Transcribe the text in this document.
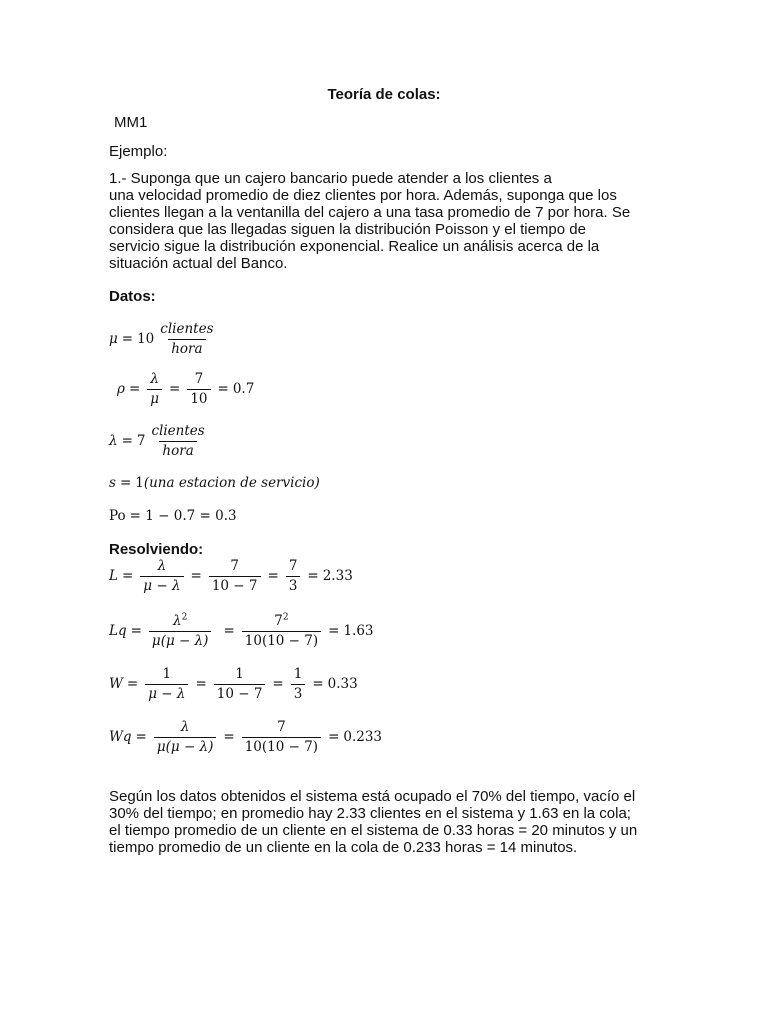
Teoría de colas:
MM1
Ejemplo:
1.- Suponga que un cajero bancario puede atender a los clientes a
una velocidad promedio de diez clientes por hora. Además, suponga que los
clientes llegan a la ventanilla del cajero a una tasa promedio de 7 por hora. Se
considera que las llegadas siguen la distribución Poisson y el tiempo de
servicio sigue la distribución exponencial. Realice un análisis acerca de la
situación actual del Banco.
Datos:
$\mu = 10 \frac{\text{clientes}}{\text{hora}}$
$\rho = \frac{\lambda}{\mu} = \frac{7}{10} = 0.7$
$\lambda = 7 \frac{\text{clientes}}{\text{hora}}$
s = 1 (una estacion de servicio)
Po = 1 − 0.7 = 0.3
Resolviendo:
$L = \frac{\lambda}{\mu - \lambda} = \frac{7}{10 - 7} = \frac{7}{3} = 2.33$
$Lq = \frac{\lambda^2}{\mu(\mu - \lambda)} = \frac{7^2}{10(10 - 7)} = 1.63$
$W = \frac{1}{\mu - \lambda} = \frac{1}{10 - 7} = \frac{1}{3} = 0.33$
$Wq = \frac{\lambda}{\mu(\mu - \lambda)} = \frac{7}{10(10 - 7)} = 0.233$
Según los datos obtenidos el sistema está ocupado el 70% del tiempo, vacío el
30% del tiempo; en promedio hay 2.33 clientes en el sistema y 1.63 en la cola;
el tiempo promedio de un cliente en el sistema de 0.33 horas = 20 minutos y un
tiempo promedio de un cliente en la cola de 0.233 horas = 14 minutos.
